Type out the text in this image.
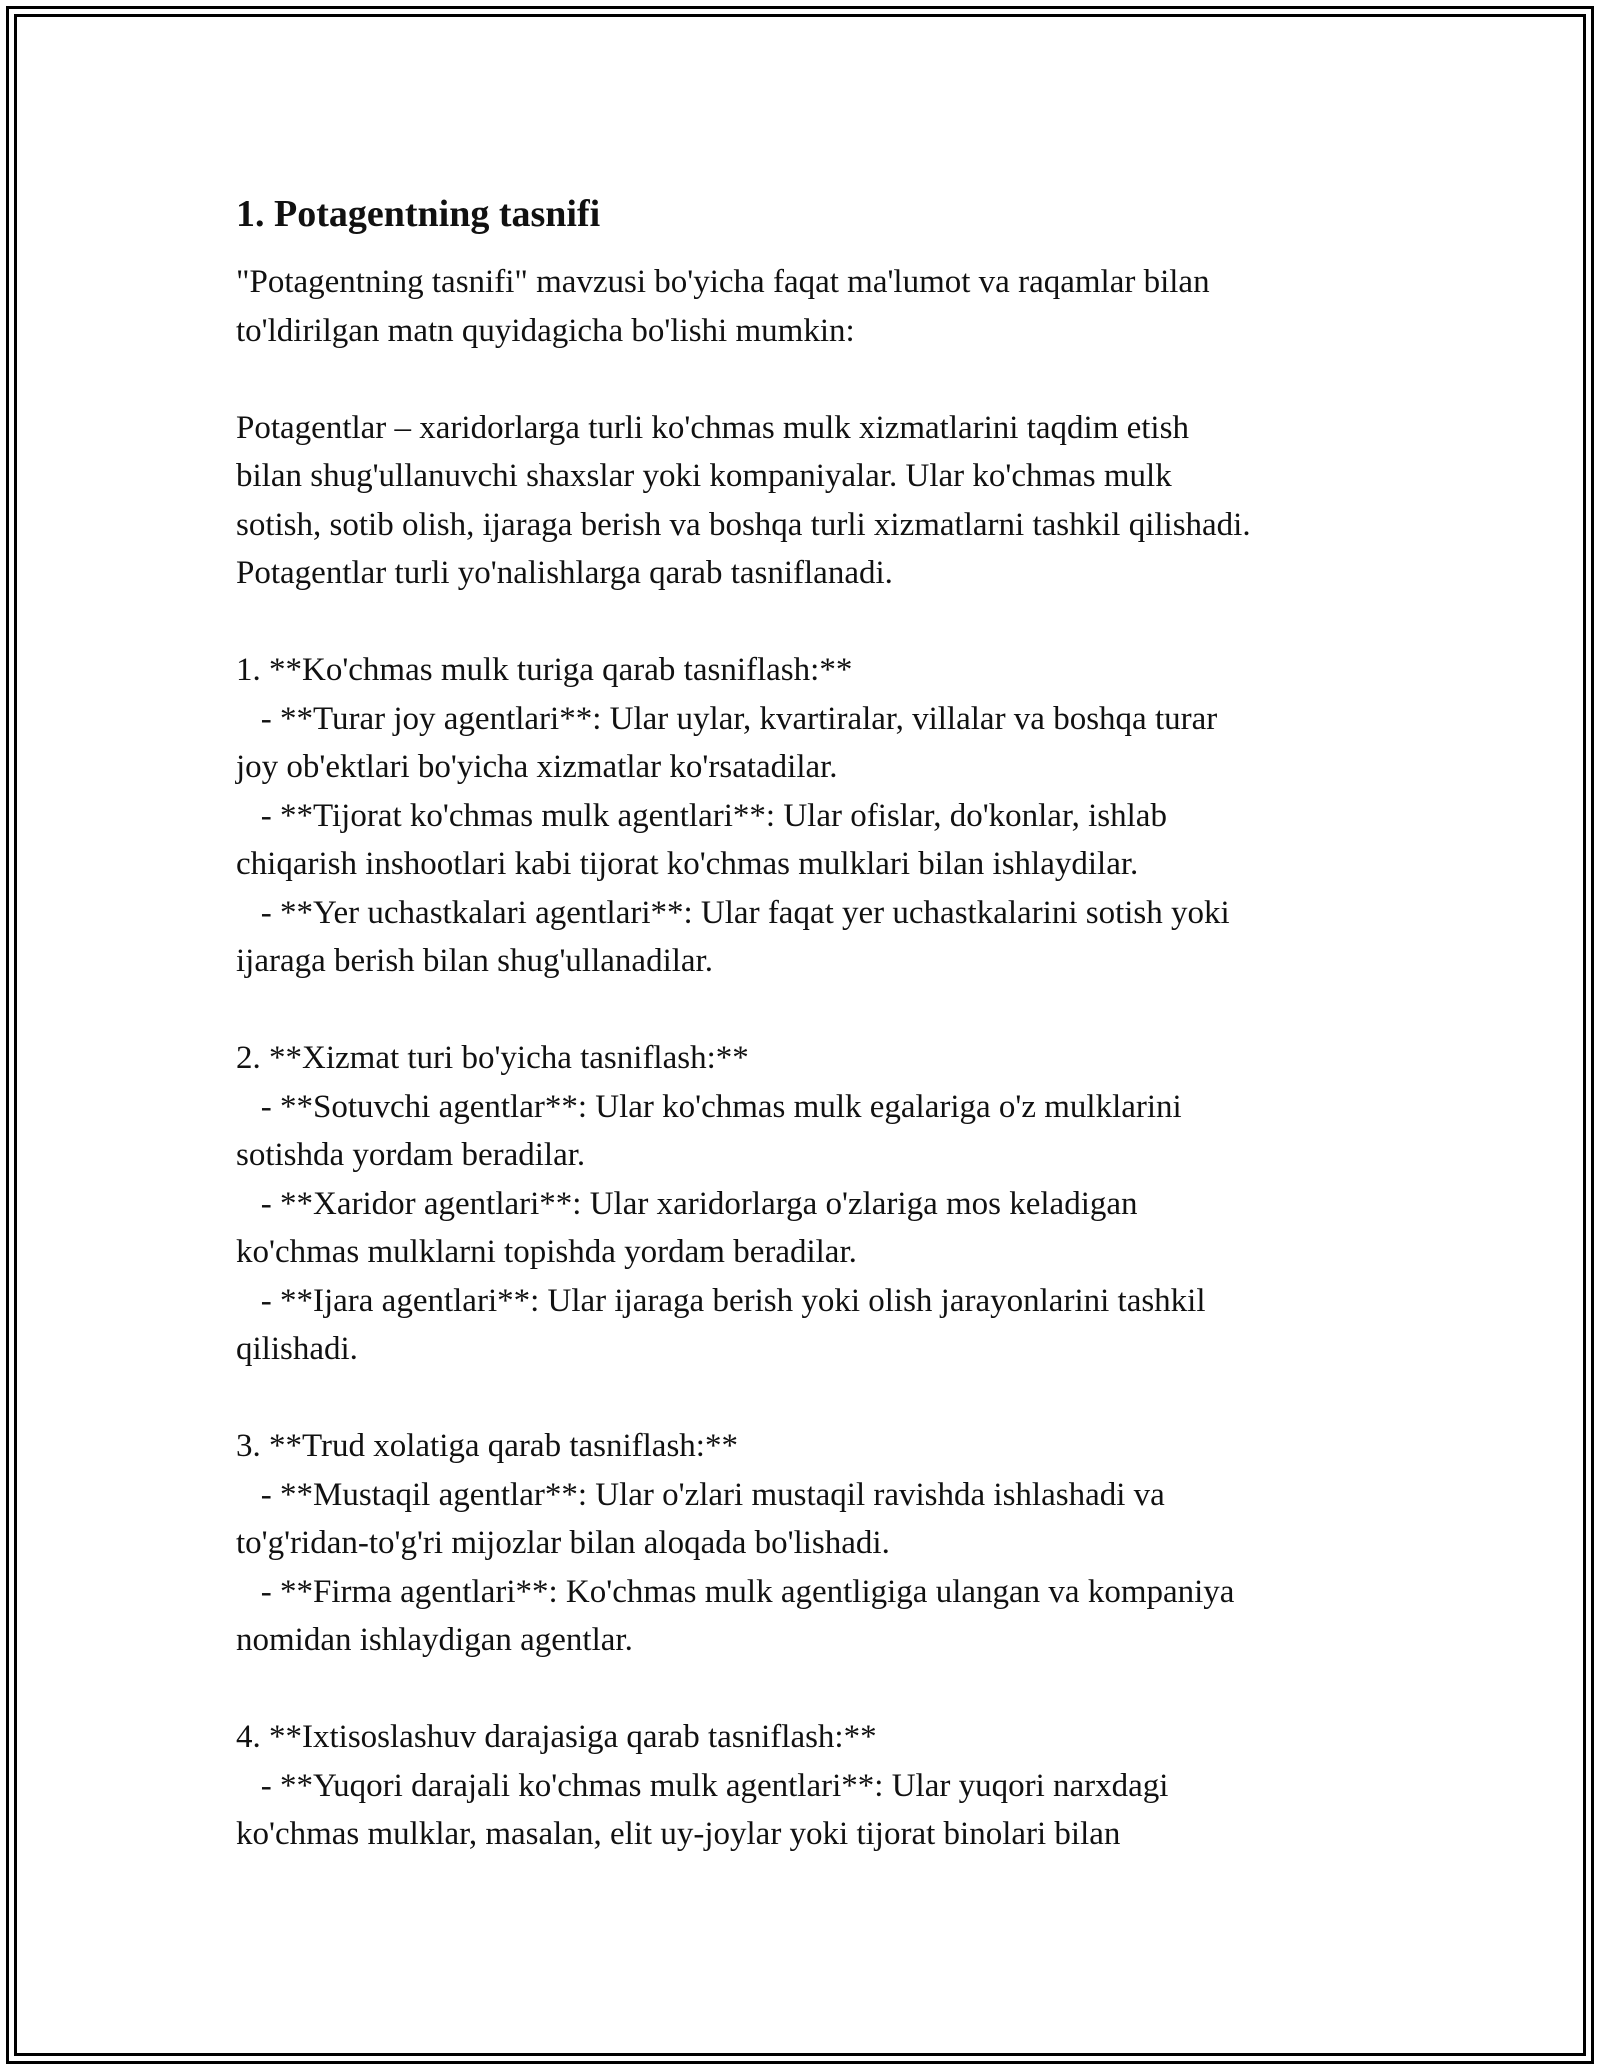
1. Potagentning tasnifi
"Potagentning tasnifi" mavzusi bo'yicha faqat ma'lumot va raqamlar bilan
to'ldirilgan matn quyidagicha bo'lishi mumkin:
Potagentlar – xaridorlarga turli ko'chmas mulk xizmatlarini taqdim etish
bilan shug'ullanuvchi shaxslar yoki kompaniyalar. Ular ko'chmas mulk
sotish, sotib olish, ijaraga berish va boshqa turli xizmatlarni tashkil qilishadi.
Potagentlar turli yo'nalishlarga qarab tasniflanadi.
1. **Ko'chmas mulk turiga qarab tasniflash:**
- **Turar joy agentlari**: Ular uylar, kvartiralar, villalar va boshqa turar
joy ob'ektlari bo'yicha xizmatlar ko'rsatadilar.
- **Tijorat ko'chmas mulk agentlari**: Ular ofislar, do'konlar, ishlab
chiqarish inshootlari kabi tijorat ko'chmas mulklari bilan ishlaydilar.
- **Yer uchastkalari agentlari**: Ular faqat yer uchastkalarini sotish yoki
ijaraga berish bilan shug'ullanadilar.
2. **Xizmat turi bo'yicha tasniflash:**
- **Sotuvchi agentlar**: Ular ko'chmas mulk egalariga o'z mulklarini
sotishda yordam beradilar.
- **Xaridor agentlari**: Ular xaridorlarga o'zlariga mos keladigan
ko'chmas mulklarni topishda yordam beradilar.
- **Ijara agentlari**: Ular ijaraga berish yoki olish jarayonlarini tashkil
qilishadi.
3. **Trud xolatiga qarab tasniflash:**
- **Mustaqil agentlar**: Ular o'zlari mustaqil ravishda ishlashadi va
to'g'ridan-to'g'ri mijozlar bilan aloqada bo'lishadi.
- **Firma agentlari**: Ko'chmas mulk agentligiga ulangan va kompaniya
nomidan ishlaydigan agentlar.
4. **Ixtisoslashuv darajasiga qarab tasniflash:**
- **Yuqori darajali ko'chmas mulk agentlari**: Ular yuqori narxdagi
ko'chmas mulklar, masalan, elit uy-joylar yoki tijorat binolari bilan
